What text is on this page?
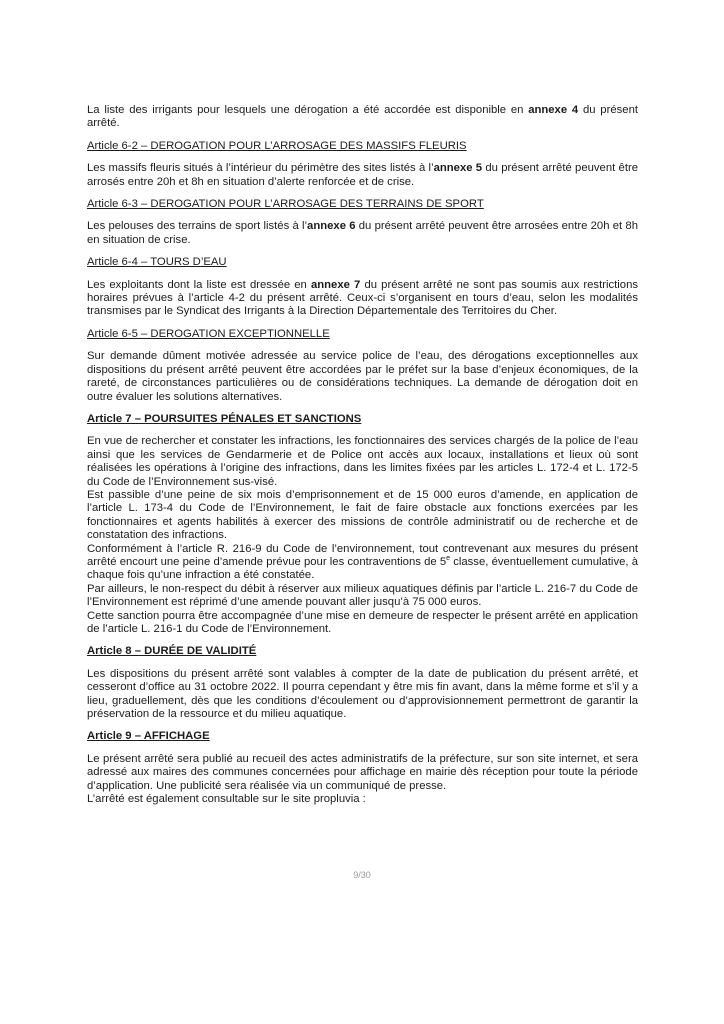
La liste des irrigants pour lesquels une dérogation a été accordée est disponible en annexe 4 du présent arrêté.

Article 6-2 – DEROGATION POUR L’ARROSAGE DES MASSIFS FLEURIS

Les massifs fleuris situés à l’intérieur du périmètre des sites listés à l’annexe 5 du présent arrêté peuvent être arrosés entre 20h et 8h en situation d’alerte renforcée et de crise.

Article 6-3 – DEROGATION POUR L’ARROSAGE DES TERRAINS DE SPORT

Les pelouses des terrains de sport listés à l’annexe 6 du présent arrêté peuvent être arrosées entre 20h et 8h en situation de crise.

Article 6-4 – TOURS D’EAU

Les exploitants dont la liste est dressée en annexe 7 du présent arrêté ne sont pas soumis aux restrictions horaires prévues à l’article 4-2 du présent arrêté. Ceux-ci s’organisent en tours d’eau, selon les modalités transmises par le Syndicat des Irrigants à la Direction Départementale des Territoires du Cher.

Article 6-5 – DEROGATION EXCEPTIONNELLE

Sur demande dûment motivée adressée au service police de l’eau, des dérogations exceptionnelles aux dispositions du présent arrêté peuvent être accordées par le préfet sur la base d’enjeux économiques, de la rareté, de circonstances particulières ou de considérations techniques. La demande de dérogation doit en outre évaluer les solutions alternatives.

Article 7 – POURSUITES PÉNALES ET SANCTIONS

En vue de rechercher et constater les infractions, les fonctionnaires des services chargés de la police de l’eau ainsi que les services de Gendarmerie et de Police ont accès aux locaux, installations et lieux où sont réalisées les opérations à l’origine des infractions, dans les limites fixées par les articles L. 172-4 et L. 172-5 du Code de l’Environnement sus-visé.

Est passible d’une peine de six mois d’emprisonnement et de 15 000 euros d’amende, en application de l’article L. 173-4 du Code de l’Environnement, le fait de faire obstacle aux fonctions exercées par les fonctionnaires et agents habilités à exercer des missions de contrôle administratif ou de recherche et de constatation des infractions.

Conformément à l’article R. 216-9 du Code de l’environnement, tout contrevenant aux mesures du présent arrêté encourt une peine d’amende prévue pour les contraventions de 5e classe, éventuellement cumulative, à chaque fois qu’une infraction a été constatée.

Par ailleurs, le non-respect du débit à réserver aux milieux aquatiques définis par l’article L. 216-7 du Code de l’Environnement est réprimé d’une amende pouvant aller jusqu’à 75 000 euros.

Cette sanction pourra être accompagnée d’une mise en demeure de respecter le présent arrêté en application de l’article L. 216-1 du Code de l’Environnement.

Article 8 – DURÉE DE VALIDITÉ

Les dispositions du présent arrêté sont valables à compter de la date de publication du présent arrêté, et cesseront d’office au 31 octobre 2022. Il pourra cependant y être mis fin avant, dans la même forme et s’il y a lieu, graduellement, dès que les conditions d’écoulement ou d’approvisionnement permettront de garantir la préservation de la ressource et du milieu aquatique.

Article 9 – AFFICHAGE

Le présent arrêté sera publié au recueil des actes administratifs de la préfecture, sur son site internet, et sera adressé aux maires des communes concernées pour affichage en mairie dès réception pour toute la période d’application. Une publicité sera réalisée via un communiqué de presse.

L’arrêté est également consultable sur le site propluvia :

9/30
